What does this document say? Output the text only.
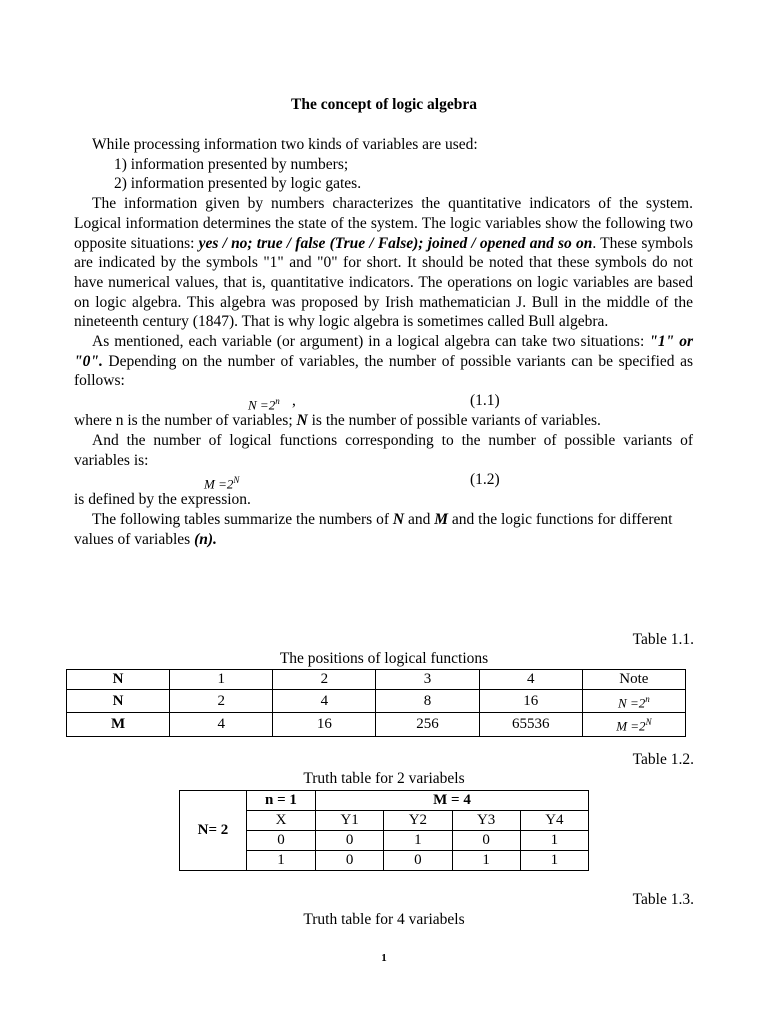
The concept of logic algebra

While processing information two kinds of variables are used:

1) information presented by numbers;

2) information presented by logic gates.

The information given by numbers characterizes the quantitative indicators of the system. Logical information determines the state of the system. The logic variables show the following two opposite situations: yes / no; true / false (True / False); joined / opened and so on. These symbols are indicated by the symbols "1" and "0" for short. It should be noted that these symbols do not have numerical values, that is, quantitative indicators. The operations on logic variables are based on logic algebra. This algebra was proposed by Irish mathematician J. Bull in the middle of the nineteenth century (1847). That is why logic algebra is sometimes called Bull algebra.

As mentioned, each variable (or argument) in a logical algebra can take two situations: "1" or "0". Depending on the number of variables, the number of possible variants can be specified as follows:

$N =2^n$ ,	(1.1)

where n is the number of variables; N is the number of possible variants of variables.

And the number of logical functions corresponding to the number of possible variants of variables is:

$M =2^N$	(1.2)

is defined by the expression.

The following tables summarize the numbers of N and M and the logic functions for different values of variables (n).

Table 1.1.
The positions of logical functions
N	1	2	3	4	Note
N	2	4	8	16	$N =2^n$
M	4	16	256	65536	$M =2^N$
Table 1.2.
Truth table for 2 variabels
N= 2	n = 1	M = 4			
	X	Y1	Y2	Y3	Y4
	0	0	1	0	1
	1	0	0	1	1
Table 1.3.
Truth table for 4 variabels
1
